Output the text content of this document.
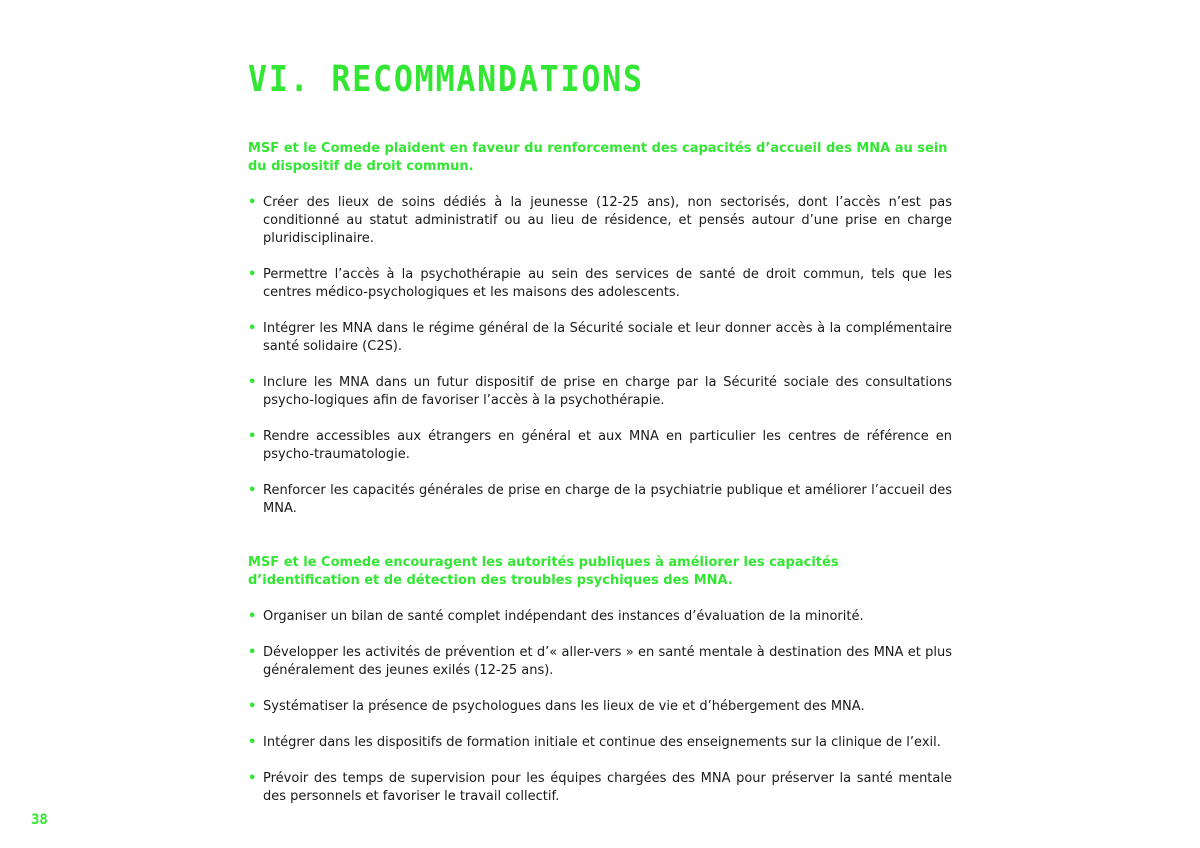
VI. RECOMMANDATIONS

MSF et le Comede plaident en faveur du renforcement des capacités d’accueil des MNA au sein du dispositif de droit commun.

• Créer des lieux de soins dédiés à la jeunesse (12-25 ans), non sectorisés, dont l’accès n’est pas conditionné au statut administratif ou au lieu de résidence, et pensés autour d’une prise en charge pluridisciplinaire.
• Permettre l’accès à la psychothérapie au sein des services de santé de droit commun, tels que les centres médico-psychologiques et les maisons des adolescents.
• Intégrer les MNA dans le régime général de la Sécurité sociale et leur donner accès à la complémentaire santé solidaire (C2S).
• Inclure les MNA dans un futur dispositif de prise en charge par la Sécurité sociale des consultations psycho-logiques afin de favoriser l’accès à la psychothérapie.
• Rendre accessibles aux étrangers en général et aux MNA en particulier les centres de référence en psycho-traumatologie.
• Renforcer les capacités générales de prise en charge de la psychiatrie publique et améliorer l’accueil des MNA.

MSF et le Comede encouragent les autorités publiques à améliorer les capacités d’identification et de détection des troubles psychiques des MNA.

• Organiser un bilan de santé complet indépendant des instances d’évaluation de la minorité.
• Développer les activités de prévention et d’« aller-vers » en santé mentale à destination des MNA et plus généralement des jeunes exilés (12-25 ans).
• Systématiser la présence de psychologues dans les lieux de vie et d’hébergement des MNA.
• Intégrer dans les dispositifs de formation initiale et continue des enseignements sur la clinique de l’exil.
• Prévoir des temps de supervision pour les équipes chargées des MNA pour préserver la santé mentale des personnels et favoriser le travail collectif.
38
